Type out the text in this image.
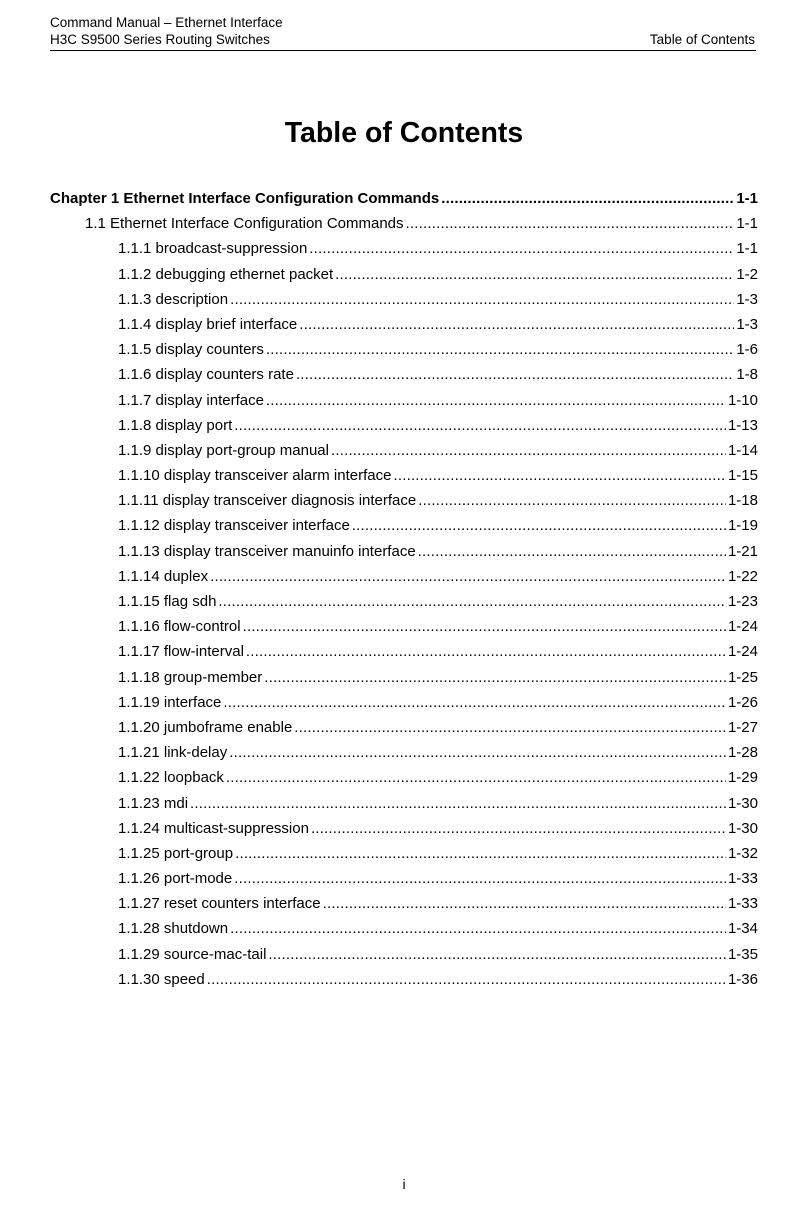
Command Manual – Ethernet Interface
H3C S9500 Series Routing Switches	Table of Contents
Table of Contents
Chapter 1 Ethernet Interface Configuration Commands .....	1-1
1.1 Ethernet Interface Configuration Commands .....	1-1
1.1.1 broadcast-suppression .....	1-1
1.1.2 debugging ethernet packet .....	1-2
1.1.3 description .....	1-3
1.1.4 display brief interface .....	1-3
1.1.5 display counters .....	1-6
1.1.6 display counters rate .....	1-8
1.1.7 display interface .....	1-10
1.1.8 display port .....	1-13
1.1.9 display port-group manual .....	1-14
1.1.10 display transceiver alarm interface .....	1-15
1.1.11 display transceiver diagnosis interface .....	1-18
1.1.12 display transceiver interface .....	1-19
1.1.13 display transceiver manuinfo interface .....	1-21
1.1.14 duplex .....	1-22
1.1.15 flag sdh .....	1-23
1.1.16 flow-control .....	1-24
1.1.17 flow-interval .....	1-24
1.1.18 group-member .....	1-25
1.1.19 interface .....	1-26
1.1.20 jumboframe enable .....	1-27
1.1.21 link-delay .....	1-28
1.1.22 loopback .....	1-29
1.1.23 mdi .....	1-30
1.1.24 multicast-suppression .....	1-30
1.1.25 port-group .....	1-32
1.1.26 port-mode .....	1-33
1.1.27 reset counters interface .....	1-33
1.1.28 shutdown .....	1-34
1.1.29 source-mac-tail .....	1-35
1.1.30 speed .....	1-36
i
